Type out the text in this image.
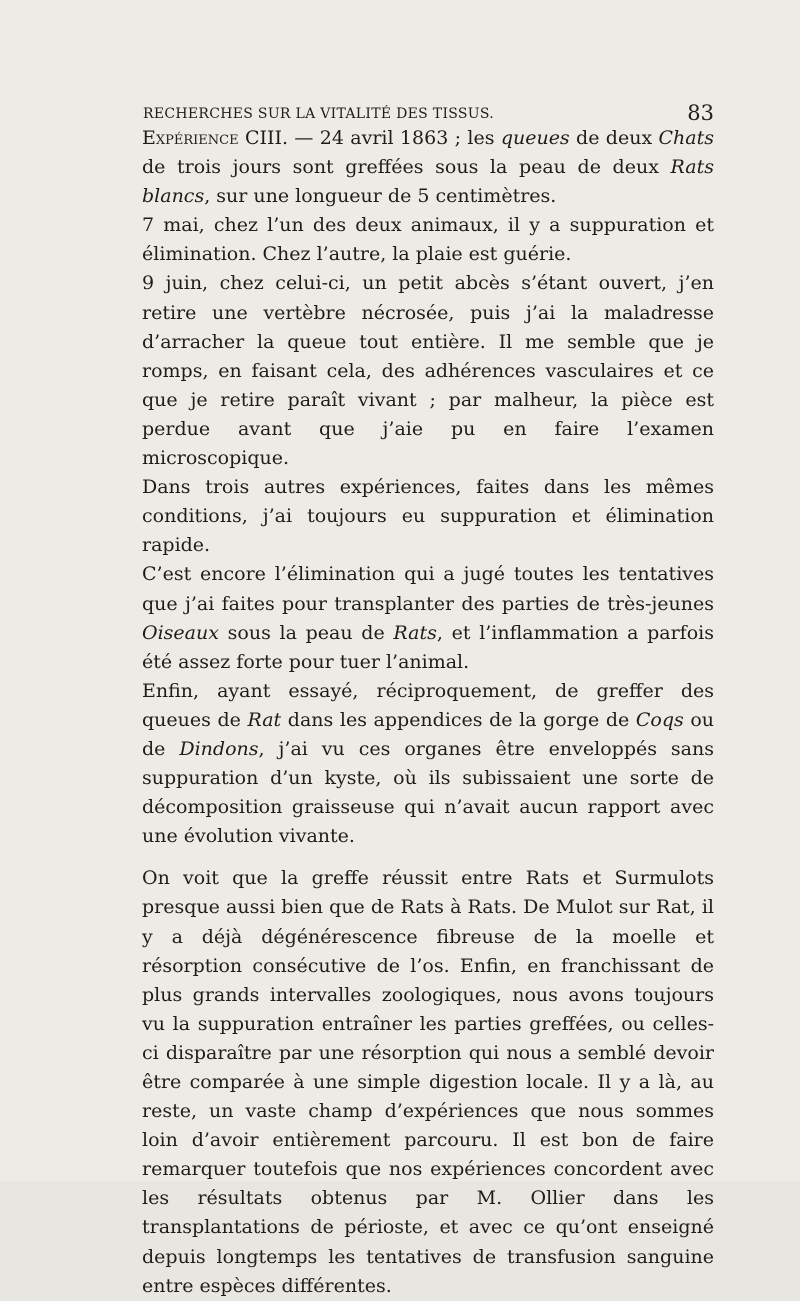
RECHERCHES SUR LA VITALITÉ DES TISSUS.	83

Expérience CIII. — 24 avril 1863 ; les queues de deux Chats de trois jours sont greffées sous la peau de deux Rats blancs, sur une longueur de 5 centimètres.

7 mai, chez l’un des deux animaux, il y a suppuration et élimination. Chez l’autre, la plaie est guérie.

9 juin, chez celui-ci, un petit abcès s’étant ouvert, j’en retire une vertèbre nécrosée, puis j’ai la maladresse d’arracher la queue tout entière. Il me semble que je romps, en faisant cela, des adhérences vasculaires et ce que je retire paraît vivant ; par malheur, la pièce est perdue avant que j’aie pu en faire l’examen microscopique.

Dans trois autres expériences, faites dans les mêmes conditions, j’ai toujours eu suppuration et élimination rapide.

C’est encore l’élimination qui a jugé toutes les tentatives que j’ai faites pour transplanter des parties de très-jeunes Oiseaux sous la peau de Rats, et l’inflammation a parfois été assez forte pour tuer l’animal.

Enfin, ayant essayé, réciproquement, de greffer des queues de Rat dans les appendices de la gorge de Coqs ou de Dindons, j’ai vu ces organes être enveloppés sans suppuration d’un kyste, où ils subissaient une sorte de décomposition graisseuse qui n’avait aucun rapport avec une évolution vivante.

On voit que la greffe réussit entre Rats et Surmulots presque aussi bien que de Rats à Rats. De Mulot sur Rat, il y a déjà dégénérescence fibreuse de la moelle et résorption consécutive de l’os. Enfin, en franchissant de plus grands intervalles zoologiques, nous avons toujours vu la suppuration entraîner les parties greffées, ou celles-ci disparaître par une résorption qui nous a semblé devoir être comparée à une simple digestion locale. Il y a là, au reste, un vaste champ d’expériences que nous sommes loin d’avoir entièrement parcouru. Il est bon de faire remarquer toutefois que nos expériences concordent avec les résultats obtenus par M. Ollier dans les transplantations de périoste, et avec ce qu’ont enseigné depuis longtemps les tentatives de transfusion sanguine entre espèces différentes.
